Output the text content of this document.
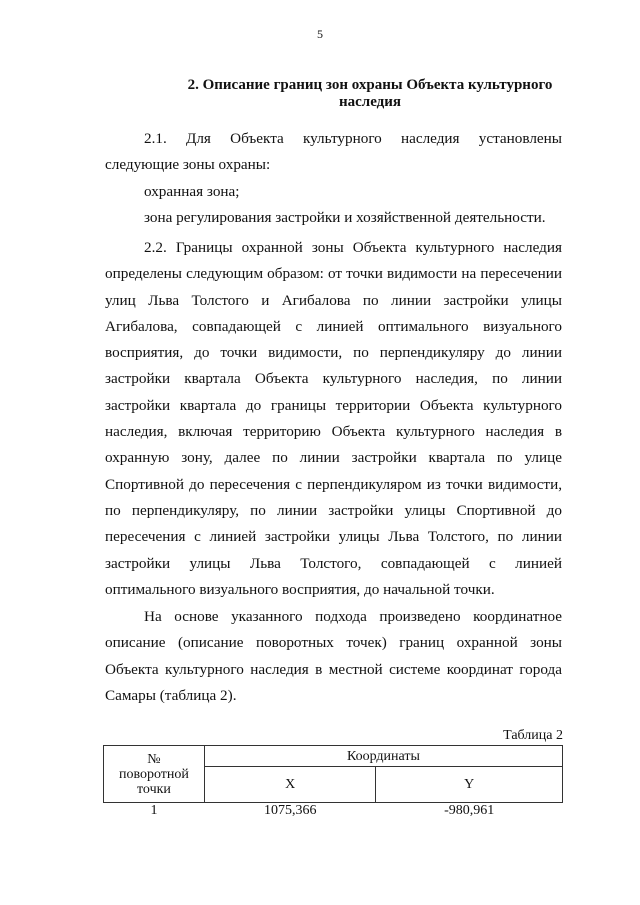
5
2. Описание границ зон охраны Объекта культурного
наследия

2.1. Для Объекта культурного наследия установлены следующие зоны охраны:

охранная зона;

зона регулирования застройки и хозяйственной деятельности.

2.2. Границы охранной зоны Объекта культурного наследия определены следующим образом: от точки видимости на пересечении улиц Льва Толстого и Агибалова по линии застройки улицы Агибалова, совпадающей с линией оптимального визуального восприятия, до точки видимости, по перпендикуляру до линии застройки квартала Объекта культурного наследия, по линии застройки квартала до границы территории Объекта культурного наследия, включая территорию Объекта культурного наследия в охранную зону, далее по линии застройки квартала по улице Спортивной до пересечения с перпендикуляром из точки видимости, по перпендикуляру, по линии застройки улицы Спортивной до пересечения с линией застройки улицы Льва Толстого, по линии застройки улицы Льва Толстого, совпадающей с линией оптимального визуального восприятия, до начальной точки.

На основе указанного подхода произведено координатное описание (описание поворотных точек) границ охранной зоны Объекта культурного наследия в местной системе координат города Самары (таблица 2).

Таблица 2
№
поворотной точки	Координаты	
	X	Y
1	1075,366	-980,961
